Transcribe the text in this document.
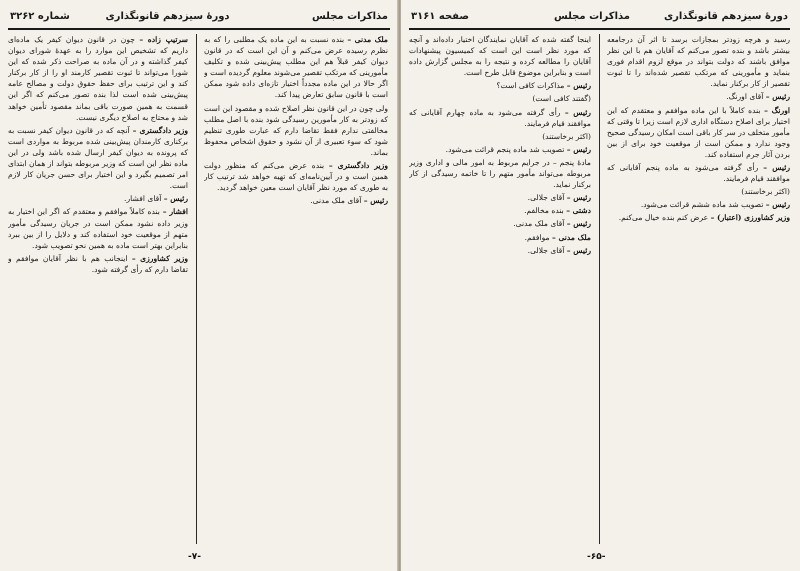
مذاکرات مجلس
دورهٔ سیزدهم قانونگذاری
شماره ۳۲۶۲

سرتیپ زاده – چون در قانون دیوان کیفر یک ماده‌ای داریم که تشخیص این موارد را به عهدهٔ شورای دیوان کیفر گذاشته و در آن ماده به صراحت ذکر شده که این شورا می‌تواند تا ثبوت تقصیر کارمند او را از کار برکنار کند و این ترتیب برای حفظ حقوق دولت و مصالح عامه پیش‌بینی شده است لذا بنده تصور می‌کنم که اگر این قسمت به همین صورت باقی بماند مقصود تأمین خواهد شد و محتاج به اصلاح دیگری نیست.

وزیر دادگستری – آنچه که در قانون دیوان کیفر نسبت به برکناری کارمندان پیش‌بینی شده مربوط به مواردی است که پرونده به دیوان کیفر ارسال شده باشد ولی در این ماده نظر این است که وزیر مربوطه بتواند از همان ابتدای امر تصمیم بگیرد و این اختیار برای حسن جریان کار لازم است.

رئیس – آقای افشار.

افشار – بنده کاملاً موافقم و معتقدم که اگر این اختیار به وزیر داده نشود ممکن است در جریان رسیدگی مأمور متهم از موقعیت خود استفاده کند و دلایل را از بین ببرد بنابراین بهتر است ماده به همین نحو تصویب شود.

وزیر کشاورزی – اینجانب هم با نظر آقایان موافقم و تقاضا دارم که رأی گرفته شود.

ملک مدنی – بنده نسبت به این ماده یک مطلبی را که به نظرم رسیده عرض می‌کنم و آن این است که در قانون دیوان کیفر قبلاً هم این مطلب پیش‌بینی شده و تکلیف مأمورینی که مرتکب تقصیر می‌شوند معلوم گردیده است و اگر حالا در این ماده مجدداً اختیار تازه‌ای داده شود ممکن است با قانون سابق تعارض پیدا کند.

ولی چون در این قانون نظر اصلاح شده و مقصود این است که زودتر به کار مأمورین رسیدگی شود بنده با اصل مطلب مخالفتی ندارم فقط تقاضا دارم که عبارت طوری تنظیم شود که سوء تعبیری از آن نشود و حقوق اشخاص محفوظ بماند.

وزیر دادگستری – بنده عرض می‌کنم که منظور دولت همین است و در آیین‌نامه‌ای که تهیه خواهد شد ترتیب کار به طوری که مورد نظر آقایان است معین خواهد گردید.

رئیس – آقای ملک مدنی.

-۷-
دورهٔ سیزدهم قانونگذاری
مذاکرات مجلس
صفحه ۳۱۶۱

اینجا گفته شده که آقایان نمایندگان اختیار داده‌اند و آنچه که مورد نظر است این است که کمیسیون پیشنهادات آقایان را مطالعه کرده و نتیجه را به مجلس گزارش داده است و بنابراین موضوع قابل طرح است.

رئیس – مذاکرات کافی است؟

(گفتند کافی است)

رئیس – رأی گرفته می‌شود به ماده چهارم آقایانی که موافقند قیام فرمایند.

(اکثر برخاستند)

رئیس – تصویب شد ماده پنجم قرائت می‌شود.

مادهٔ پنجم – در جرایم مربوط به امور مالی و اداری وزیر مربوطه می‌تواند مأمور متهم را تا خاتمه رسیدگی از کار برکنار نماید.

رئیس – آقای جلالی.

دشتی – بنده مخالفم.

رئیس – آقای ملک مدنی.

ملک مدنی – موافقم.

رئیس – آقای جلالی.

رسید و هرچه زودتر بمجازات برسد تا اثر آن درجامعه بیشتر باشد و بنده تصور می‌کنم که آقایان هم با این نظر موافق باشند که دولت بتواند در موقع لزوم اقدام فوری بنماید و مأمورینی که مرتکب تقصیر شده‌اند را تا ثبوت تقصیر از کار برکنار نماید.

رئیس – آقای اورنگ.

اورنگ – بنده کاملاً با این ماده موافقم و معتقدم که این اختیار برای اصلاح دستگاه اداری لازم است زیرا تا وقتی که مأمور متخلف در سر کار باقی است امکان رسیدگی صحیح وجود ندارد و ممکن است از موقعیت خود برای از بین بردن آثار جرم استفاده کند.

رئیس – رأی گرفته می‌شود به ماده پنجم آقایانی که موافقند قیام فرمایند.

(اکثر برخاستند)

رئیس – تصویب شد ماده ششم قرائت می‌شود.

وزیر کشاورزی (اعتبار) – عرض کنم بنده خیال می‌کنم.

-۶۵-
